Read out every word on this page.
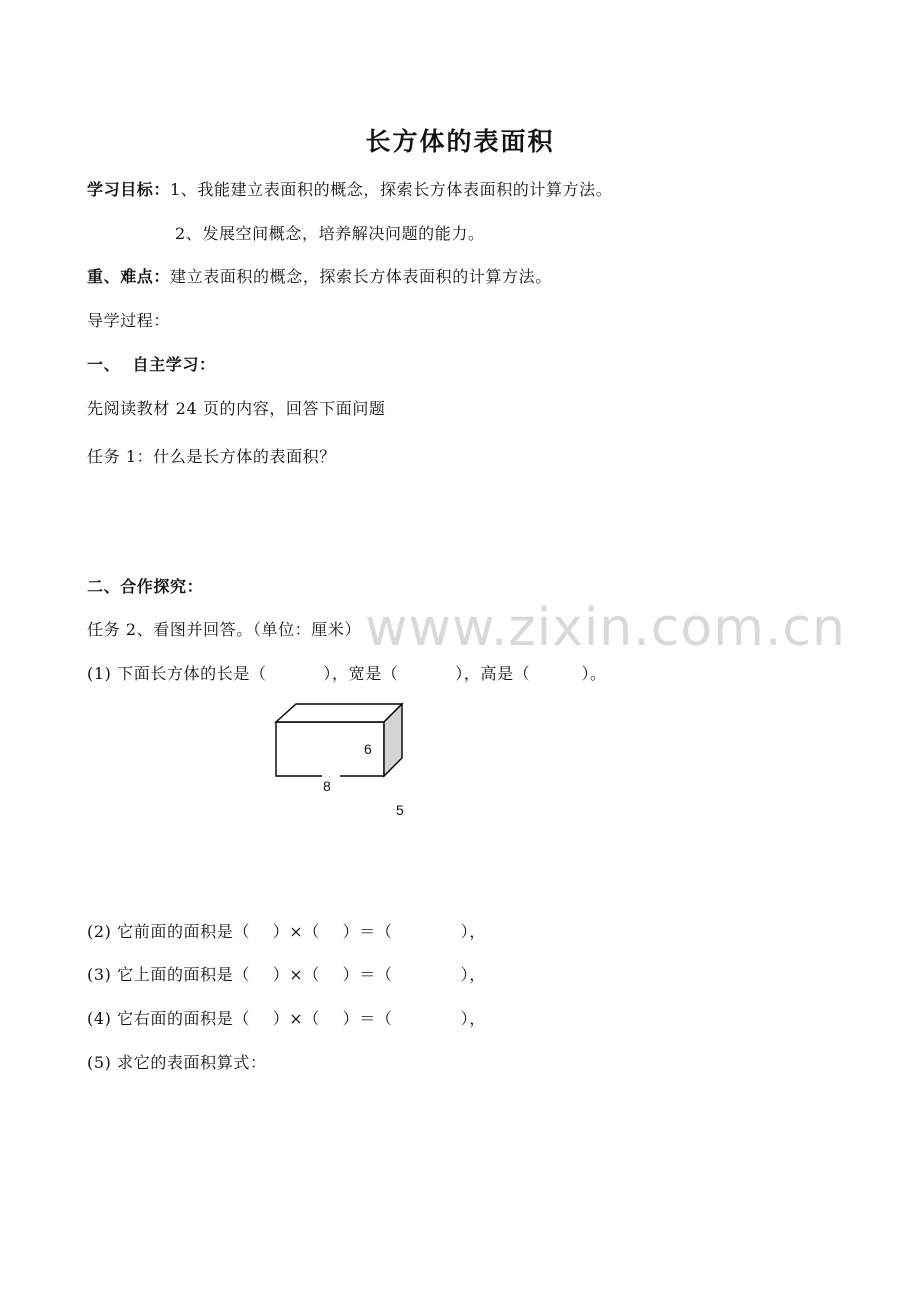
长方体的表面积
学习目标：1、我能建立表面积的概念，探索长方体表面积的计算方法。
2、发展空间概念，培养解决问题的能力。
重、难点：建立表面积的概念，探索长方体表面积的计算方法。
导学过程：
一、  自主学习：
先阅读教材 24 页的内容，回答下面问题
任务 1：什么是长方体的表面积？
二、合作探究：
任务 2、看图并回答。（单位：厘米） www.zixin.com.cn
(1) 下面长方体的长是（          ），宽是（          ），高是（         ）。
6
8
5
(2) 它前面的面积是（    ）×（    ）＝（            ），
(3) 它上面的面积是（    ）×（    ）＝（            ），
(4) 它右面的面积是（    ）×（    ）＝（            ），
(5) 求它的表面积算式：
